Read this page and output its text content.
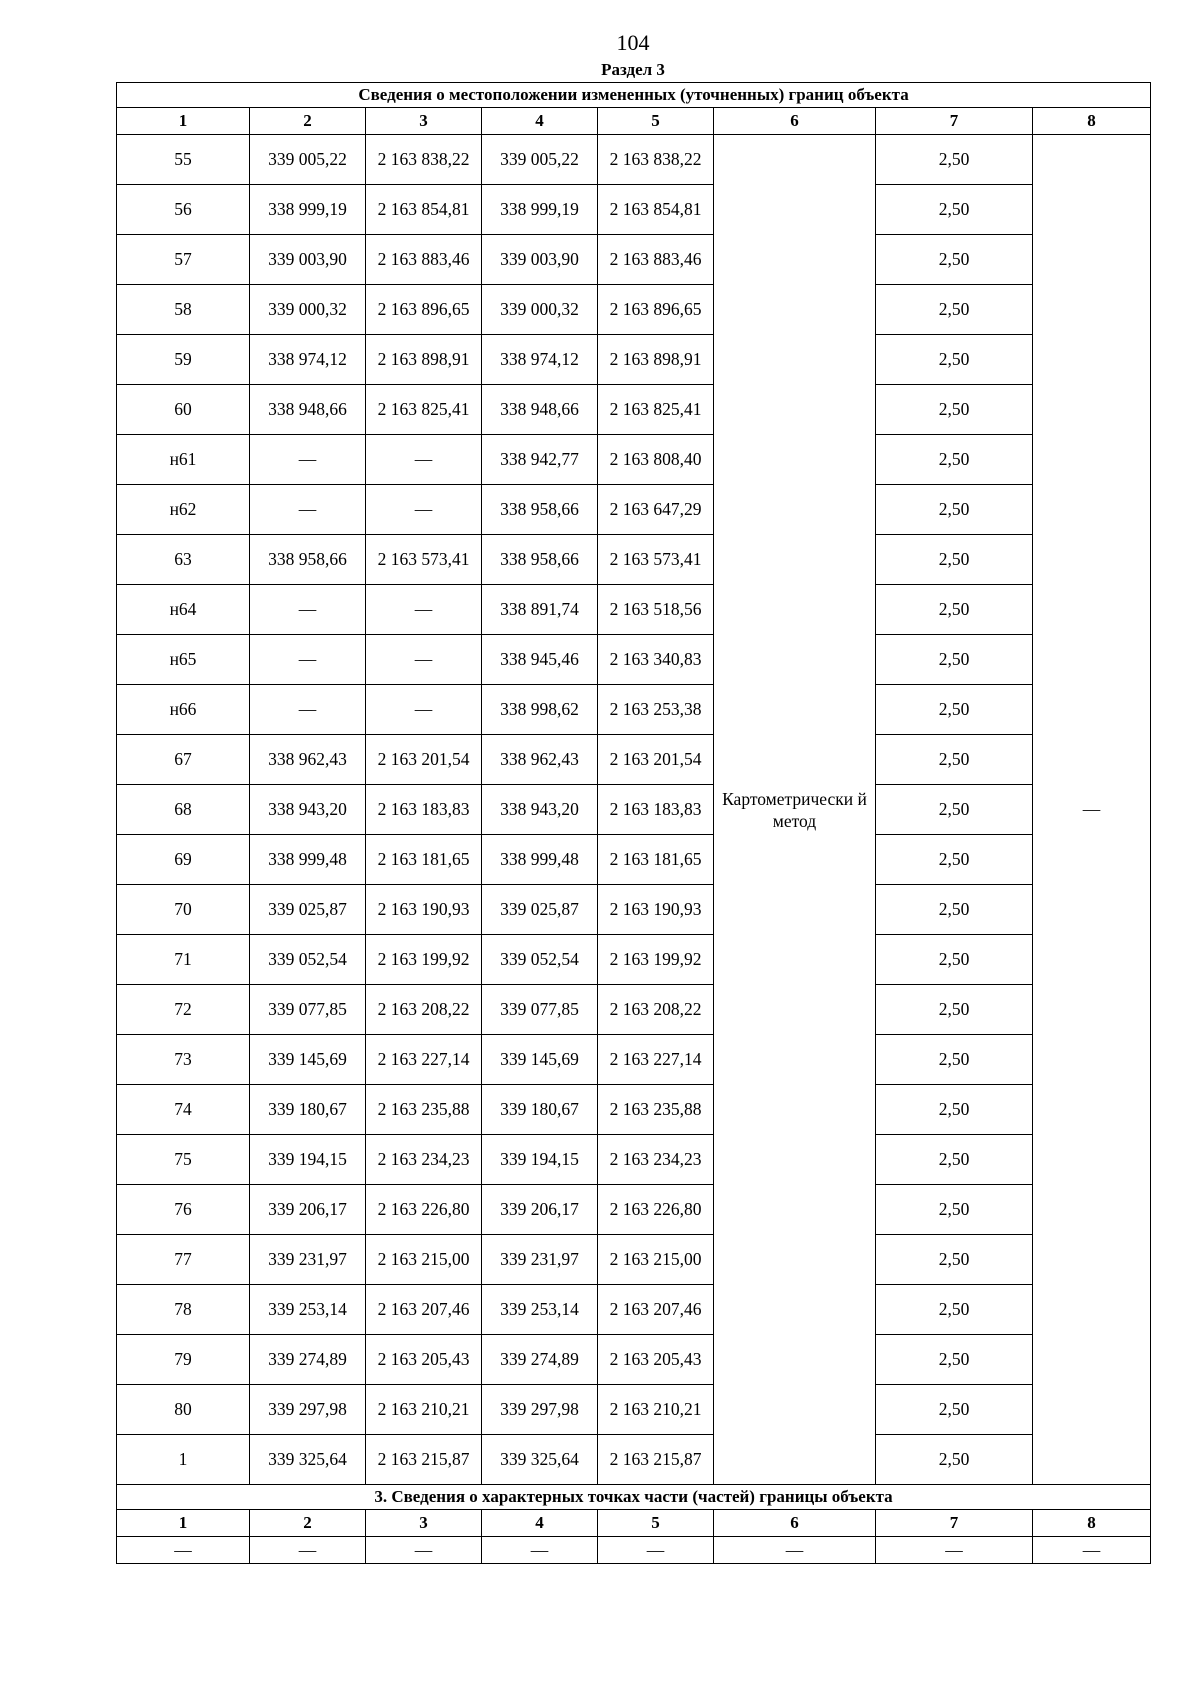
104
Раздел 3
Сведения о местоположении измененных (уточненных) границ объекта							
1	2	3	4	5	6	7	8
55	339 005,22	2 163 838,22	339 005,22	2 163 838,22	Картометрически й метод	2,50	—
56	338 999,19	2 163 854,81	338 999,19	2 163 854,81		2,50	
57	339 003,90	2 163 883,46	339 003,90	2 163 883,46		2,50	
58	339 000,32	2 163 896,65	339 000,32	2 163 896,65		2,50	
59	338 974,12	2 163 898,91	338 974,12	2 163 898,91		2,50	
60	338 948,66	2 163 825,41	338 948,66	2 163 825,41		2,50	
н61	—	—	338 942,77	2 163 808,40		2,50	
н62	—	—	338 958,66	2 163 647,29		2,50	
63	338 958,66	2 163 573,41	338 958,66	2 163 573,41		2,50	
н64	—	—	338 891,74	2 163 518,56		2,50	
н65	—	—	338 945,46	2 163 340,83		2,50	
н66	—	—	338 998,62	2 163 253,38		2,50	
67	338 962,43	2 163 201,54	338 962,43	2 163 201,54		2,50	
68	338 943,20	2 163 183,83	338 943,20	2 163 183,83		2,50	
69	338 999,48	2 163 181,65	338 999,48	2 163 181,65		2,50	
70	339 025,87	2 163 190,93	339 025,87	2 163 190,93		2,50	
71	339 052,54	2 163 199,92	339 052,54	2 163 199,92		2,50	
72	339 077,85	2 163 208,22	339 077,85	2 163 208,22		2,50	
73	339 145,69	2 163 227,14	339 145,69	2 163 227,14		2,50	
74	339 180,67	2 163 235,88	339 180,67	2 163 235,88		2,50	
75	339 194,15	2 163 234,23	339 194,15	2 163 234,23		2,50	
76	339 206,17	2 163 226,80	339 206,17	2 163 226,80		2,50	
77	339 231,97	2 163 215,00	339 231,97	2 163 215,00		2,50	
78	339 253,14	2 163 207,46	339 253,14	2 163 207,46		2,50	
79	339 274,89	2 163 205,43	339 274,89	2 163 205,43		2,50	
80	339 297,98	2 163 210,21	339 297,98	2 163 210,21		2,50	
1	339 325,64	2 163 215,87	339 325,64	2 163 215,87		2,50	
3. Сведения о характерных точках части (частей) границы объекта							
1	2	3	4	5	6	7	8
—	—	—	—	—	—	—	—
